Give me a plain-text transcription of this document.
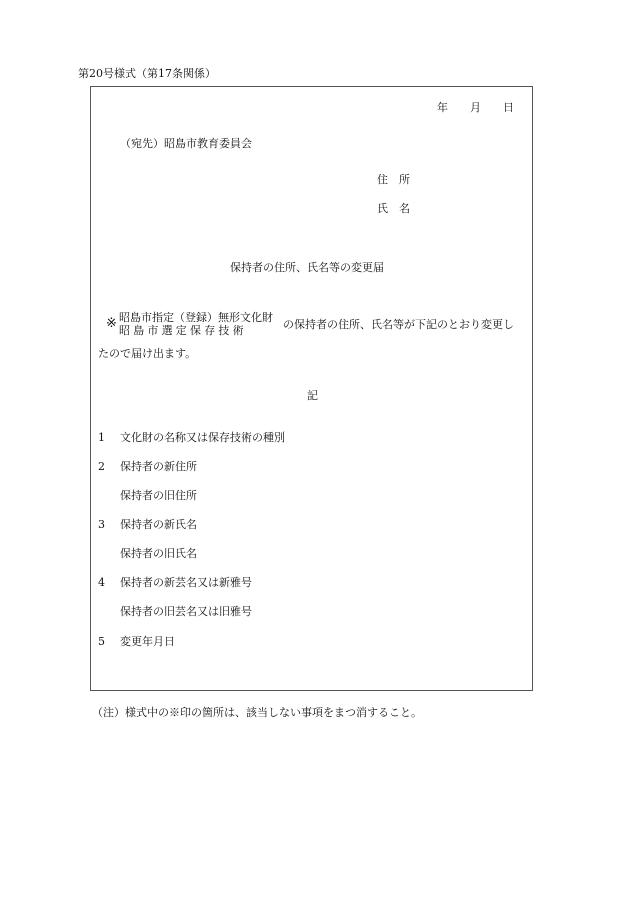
第20号様式（第17条関係）
年　　月　　日
（宛先）昭島市教育委員会
住　所
氏　名
保持者の住所、氏名等の変更届
※ 昭島市指定（登録）無形文化財
昭島市選定保存技術	の保持者の住所、氏名等が下記のとおり変更し
たので届け出ます。
記
1 文化財の名称又は保存技術の種別
2 保持者の新住所
保持者の旧住所
3 保持者の新氏名
保持者の旧氏名
4 保持者の新芸名又は新雅号
保持者の旧芸名又は旧雅号
5 変更年月日
（注）様式中の※印の箇所は、該当しない事項をまつ消すること。
